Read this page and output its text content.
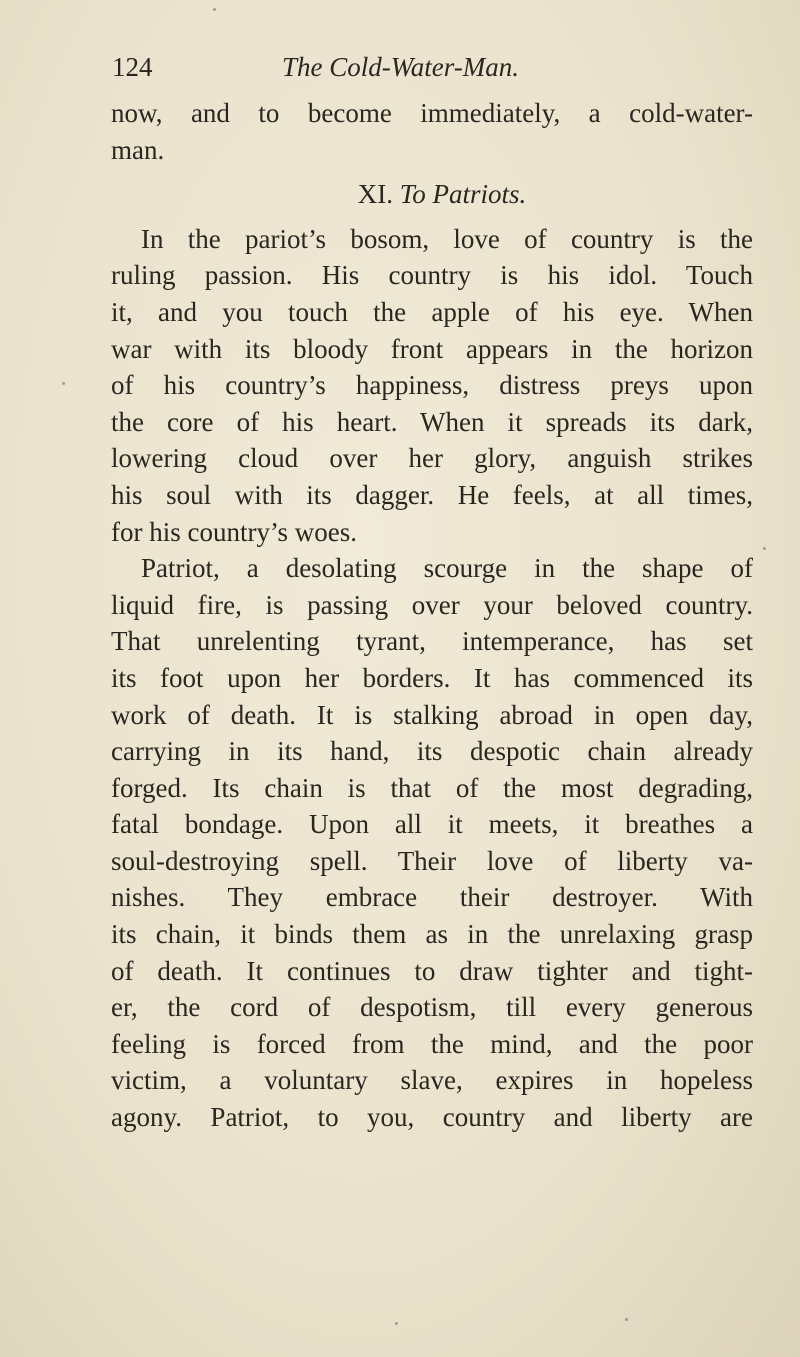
124	The Cold-Water-Man.
now, and to become immediately, a cold-water-
man.
XI. To Patriots.
In the pariot’s bosom, love of country is the
ruling passion. His country is his idol. Touch
it, and you touch the apple of his eye. When
war with its bloody front appears in the horizon
of his country’s happiness, distress preys upon
the core of his heart. When it spreads its dark,
lowering cloud over her glory, anguish strikes
his soul with its dagger. He feels, at all times,
for his country’s woes.
Patriot, a desolating scourge in the shape of
liquid fire, is passing over your beloved country.
That unrelenting tyrant, intemperance, has set
its foot upon her borders. It has commenced its
work of death. It is stalking abroad in open day,
carrying in its hand, its despotic chain already
forged. Its chain is that of the most degrading,
fatal bondage. Upon all it meets, it breathes a
soul-destroying spell. Their love of liberty va-
nishes. They embrace their destroyer. With
its chain, it binds them as in the unrelaxing grasp
of death. It continues to draw tighter and tight-
er, the cord of despotism, till every generous
feeling is forced from the mind, and the poor
victim, a voluntary slave, expires in hopeless
agony. Patriot, to you, country and liberty are
